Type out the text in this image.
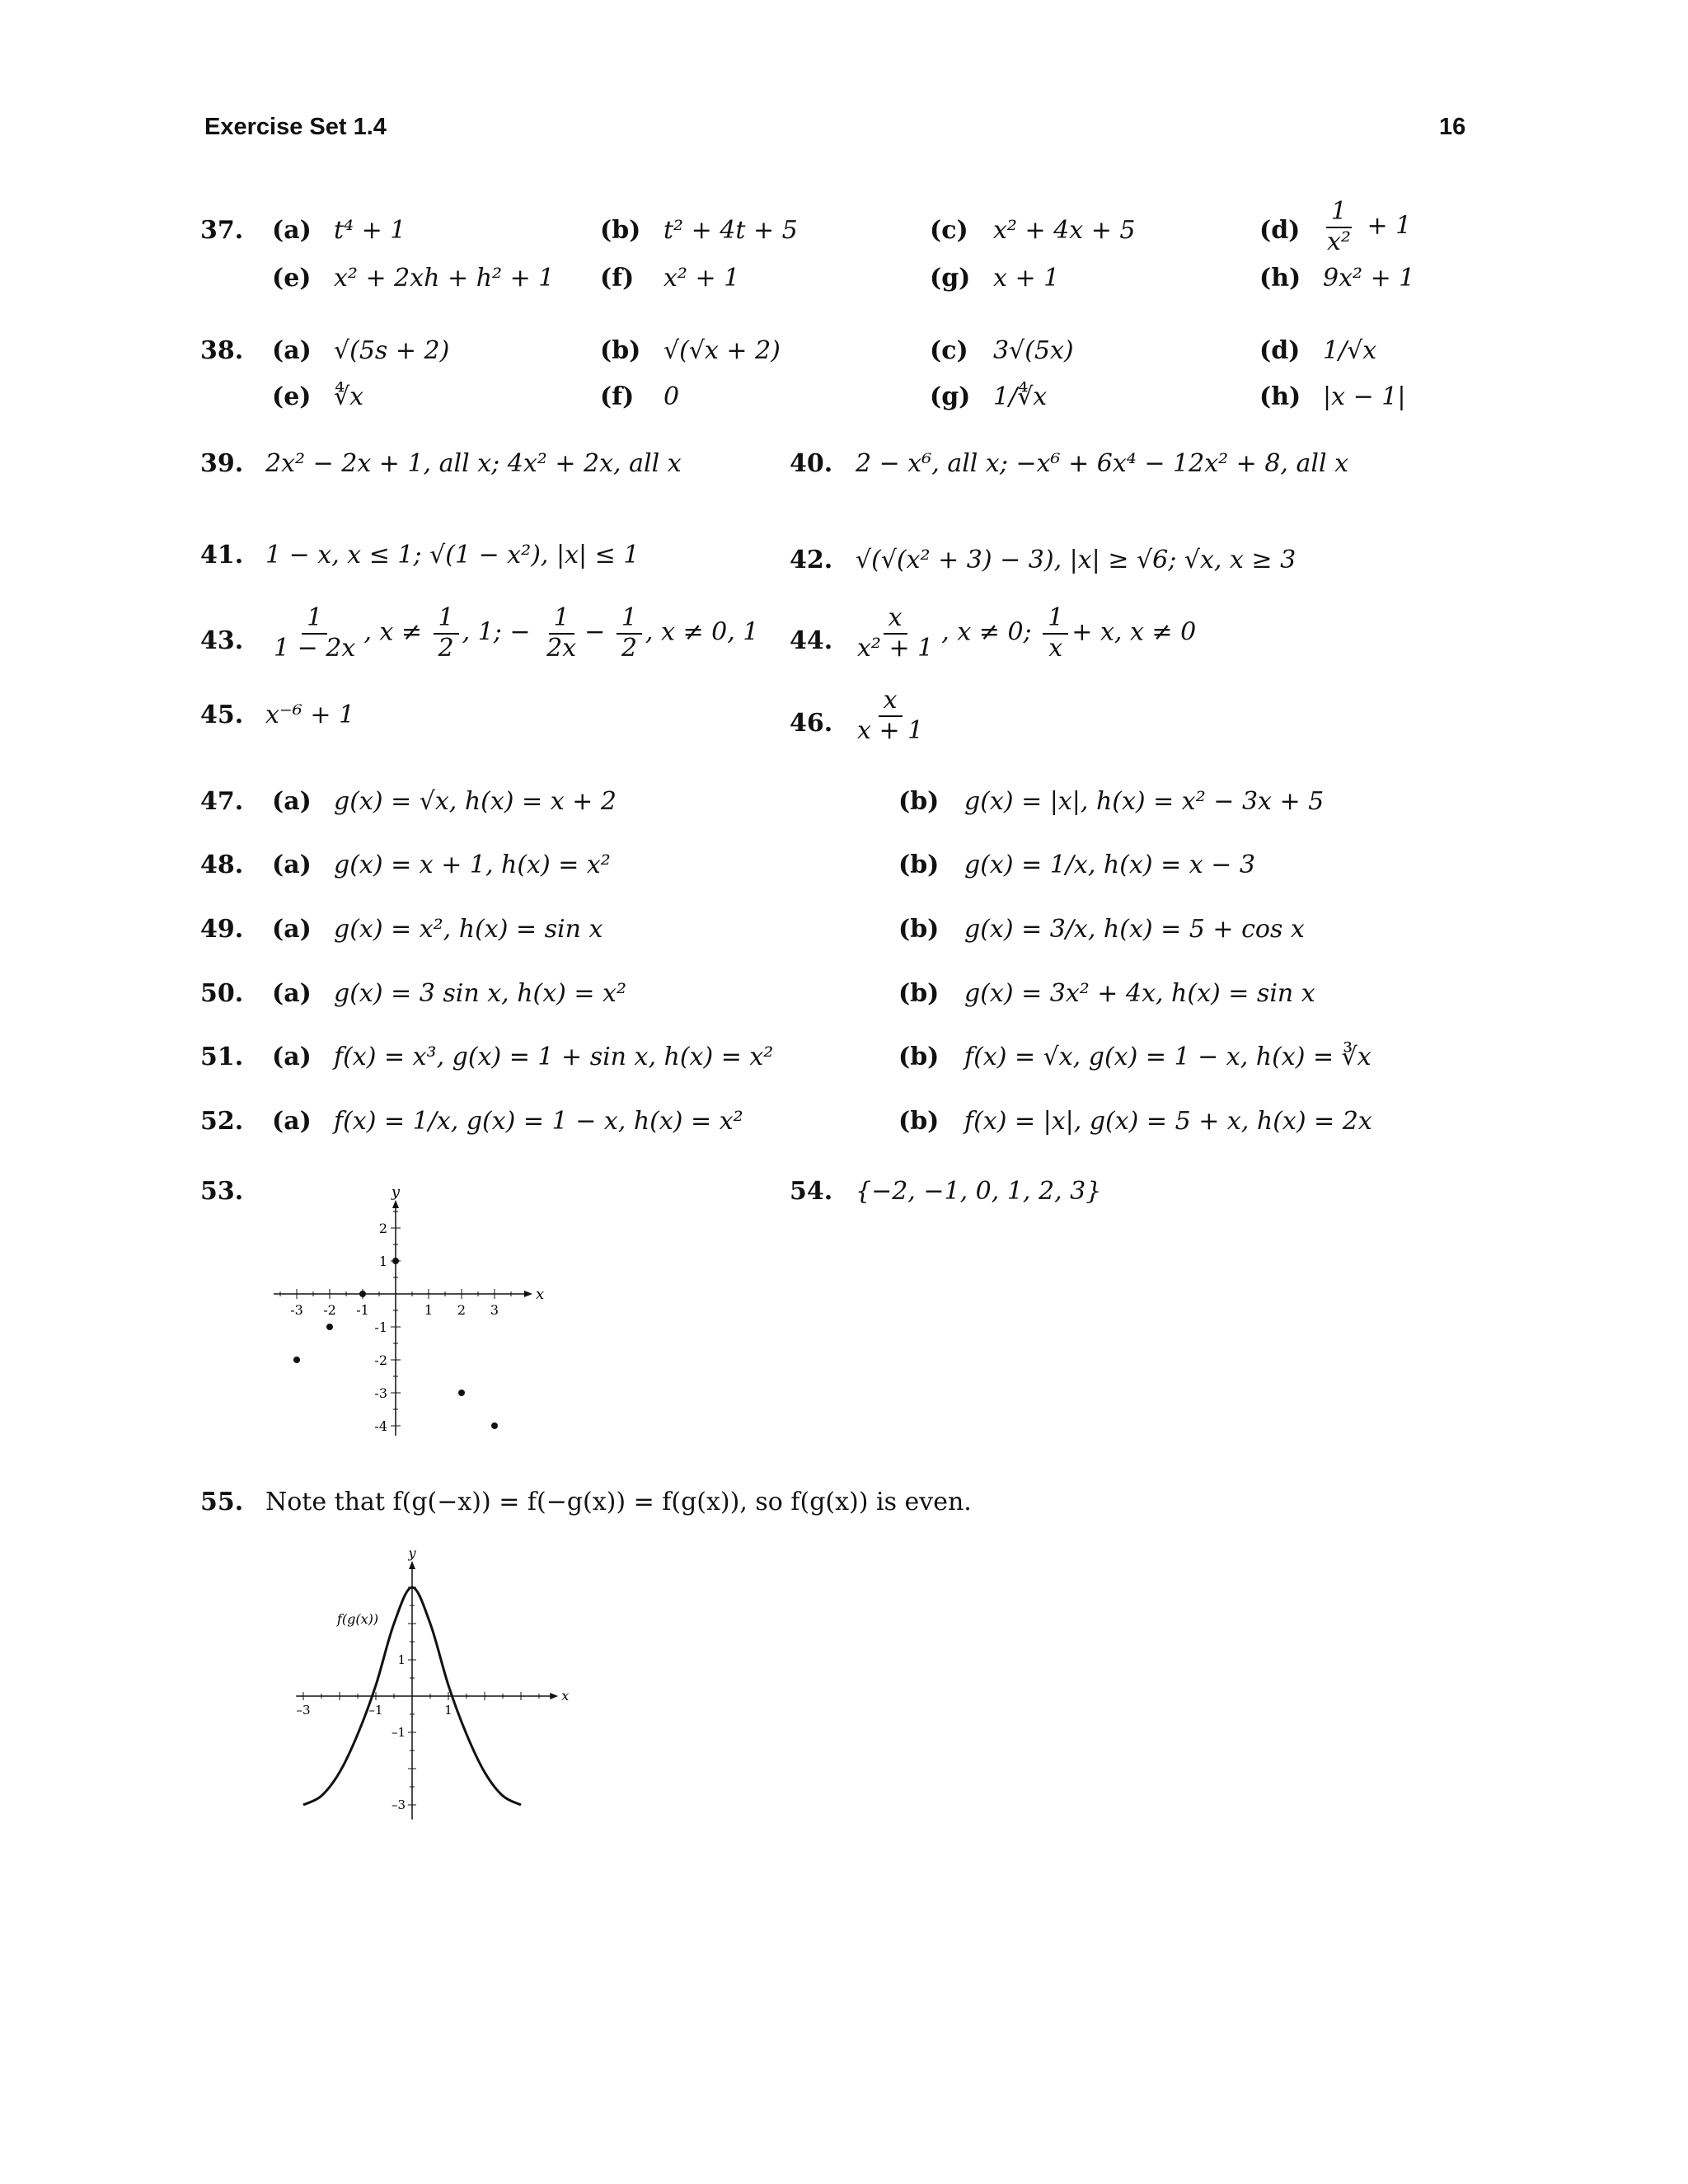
Exercise Set 1.4	16
37. (a) t⁴ + 1	(b) t² + 4t + 5	(c) x² + 4x + 5	$(d) \frac{1}{\text{x²}} + 1$
(e) x² + 2xh + h² + 1 (f) x² + 1	(g) x + 1	(h) 9x² + 1
38. (a) √(5s + 2)	(b) √(√x + 2)	(c) 3√(5x)	(d) 1/√x
(e) ∜x	(f) 0	(g) 1/∜x	(h) |x − 1|
39. 2x² − 2x + 1, all x; 4x² + 2x, all x	40. 2 − x⁶, all x; −x⁶ + 6x⁴ − 12x² + 8, all x
41. 1 − x, x ≤ 1; √(1 − x²), |x| ≤ 1	42. √(√(x² + 3) − 3), |x| ≥ √6; √x, x ≥ 3
43. $\frac{1}{1 - 2x}$ , $x \ne \frac{1}{2}$ , 1; − $\frac{1}{2x} - \frac{1}{2}$ , x ≠ 0, 1 44. $\frac{x}{\text{x² + 1}}$ , x ≠ 0; $\frac{1}{x} + x$, x ≠ 0
45. x⁻⁶ + 1	46. $\frac{x}{x + 1}$
47. (a) g(x) = √x, h(x) = x + 2	(b) g(x) = |x|, h(x) = x² − 3x + 5
48. (a) g(x) = x + 1, h(x) = x²	(b) g(x) = 1/x, h(x) = x − 3
49. (a) g(x) = x², h(x) = sin x	(b) g(x) = 3/x, h(x) = 5 + cos x
50. (a) g(x) = 3 sin x, h(x) = x²	(b) g(x) = 3x² + 4x, h(x) = sin x
51. (a) f(x) = x³, g(x) = 1 + sin x, h(x) = x²	(b) f(x) = √x, g(x) = 1 − x, h(x) = ∛x
52. (a) f(x) = 1/x, g(x) = 1 − x, h(x) = x²	(b) f(x) = |x|, g(x) = 5 + x, h(x) = 2x
53.	54. {−2, −1, 0, 1, 2, 3}
-3 -2 -1	1 2 3
2
1
-1
-2
-3
-4
x
y
55. Note that f(g(−x)) = f(−g(x)) = f(g(x)), so f(g(x)) is even.
–3	–1	1
1
–1
–3
x
y
f(g(x))
